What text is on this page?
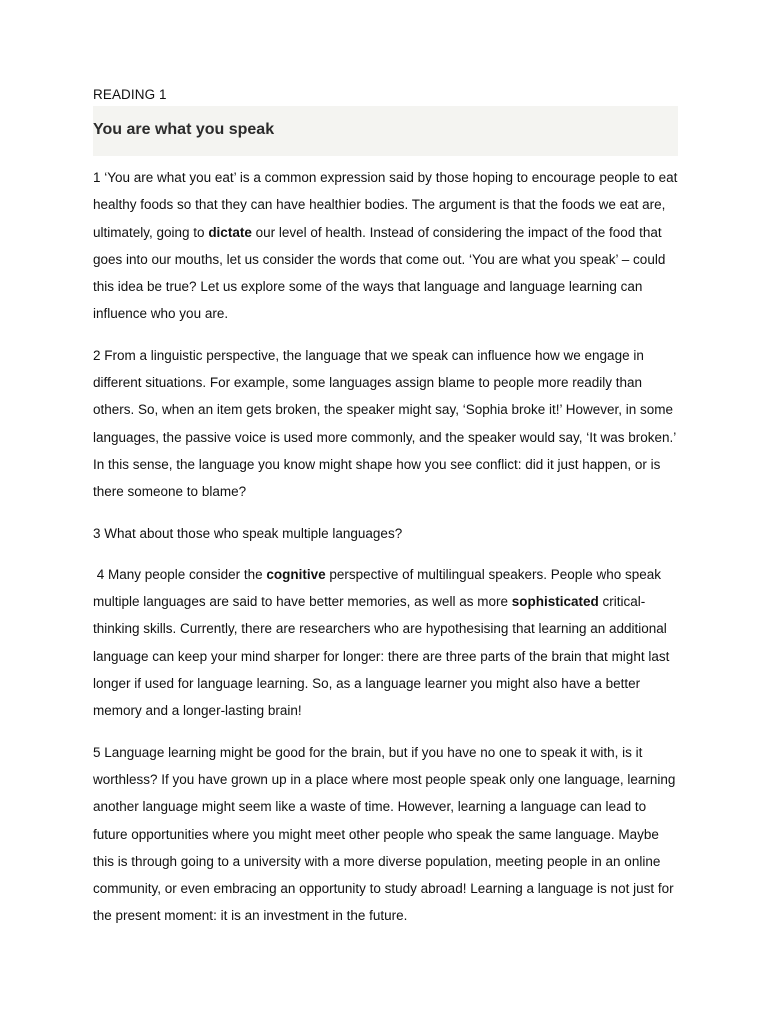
READING 1

You are what you speak

1 ‘You are what you eat’ is a common expression said by those hoping to encourage people to eat healthy foods so that they can have healthier bodies. The argument is that the foods we eat are, ultimately, going to dictate our level of health. Instead of considering the impact of the food that goes into our mouths, let us consider the words that come out. ‘You are what you speak’ – could this idea be true? Let us explore some of the ways that language and language learning can influence who you are.

2 From a linguistic perspective, the language that we speak can influence how we engage in different situations. For example, some languages assign blame to people more readily than others. So, when an item gets broken, the speaker might say, ‘Sophia broke it!’ However, in some languages, the passive voice is used more commonly, and the speaker would say, ‘It was broken.’ In this sense, the language you know might shape how you see conflict: did it just happen, or is there someone to blame?

3 What about those who speak multiple languages?

4 Many people consider the cognitive perspective of multilingual speakers. People who speak multiple languages are said to have better memories, as well as more sophisticated critical-thinking skills. Currently, there are researchers who are hypothesising that learning an additional language can keep your mind sharper for longer: there are three parts of the brain that might last longer if used for language learning. So, as a language learner you might also have a better memory and a longer-lasting brain!

5 Language learning might be good for the brain, but if you have no one to speak it with, is it worthless? If you have grown up in a place where most people speak only one language, learning another language might seem like a waste of time. However, learning a language can lead to future opportunities where you might meet other people who speak the same language. Maybe this is through going to a university with a more diverse population, meeting people in an online community, or even embracing an opportunity to study abroad! Learning a language is not just for the present moment: it is an investment in the future.
